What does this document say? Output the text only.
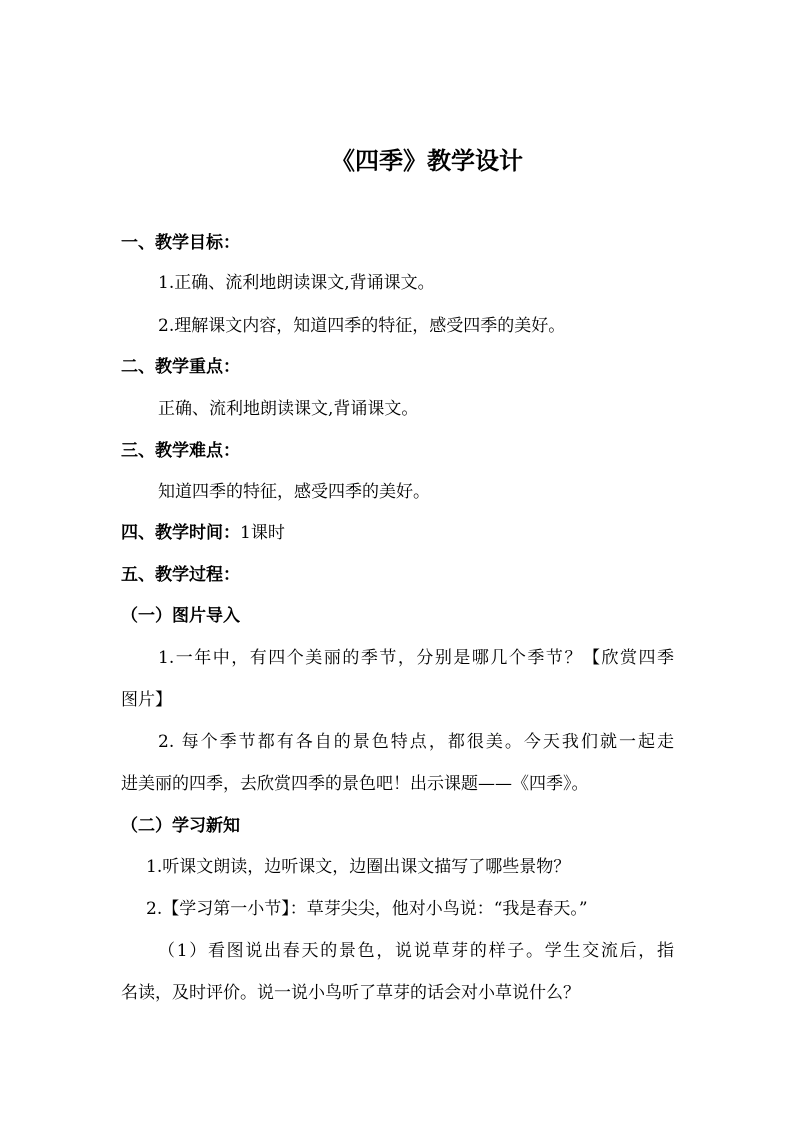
《四季》教学设计
一、教学目标：
1.正确、流利地朗读课文,背诵课文。
2.理解课文内容，知道四季的特征，感受四季的美好。
二、教学重点：
正确、流利地朗读课文,背诵课文。
三、教学难点：
知道四季的特征，感受四季的美好。
四、教学时间：1课时
五、教学过程：
（一）图片导入
1.一年中，有四个美丽的季节，分别是哪几个季节？【欣赏四季
图片】
2. 每个季节都有各自的景色特点，都很美。今天我们就一起走
进美丽的四季，去欣赏四季的景色吧！出示课题——《四季》。
（二）学习新知
1.听课文朗读，边听课文，边圈出课文描写了哪些景物？
2.【学习第一小节】：草芽尖尖，他对小鸟说：“我是春天。”
（1）看图说出春天的景色，说说草芽的样子。学生交流后，指
名读，及时评价。说一说小鸟听了草芽的话会对小草说什么？
